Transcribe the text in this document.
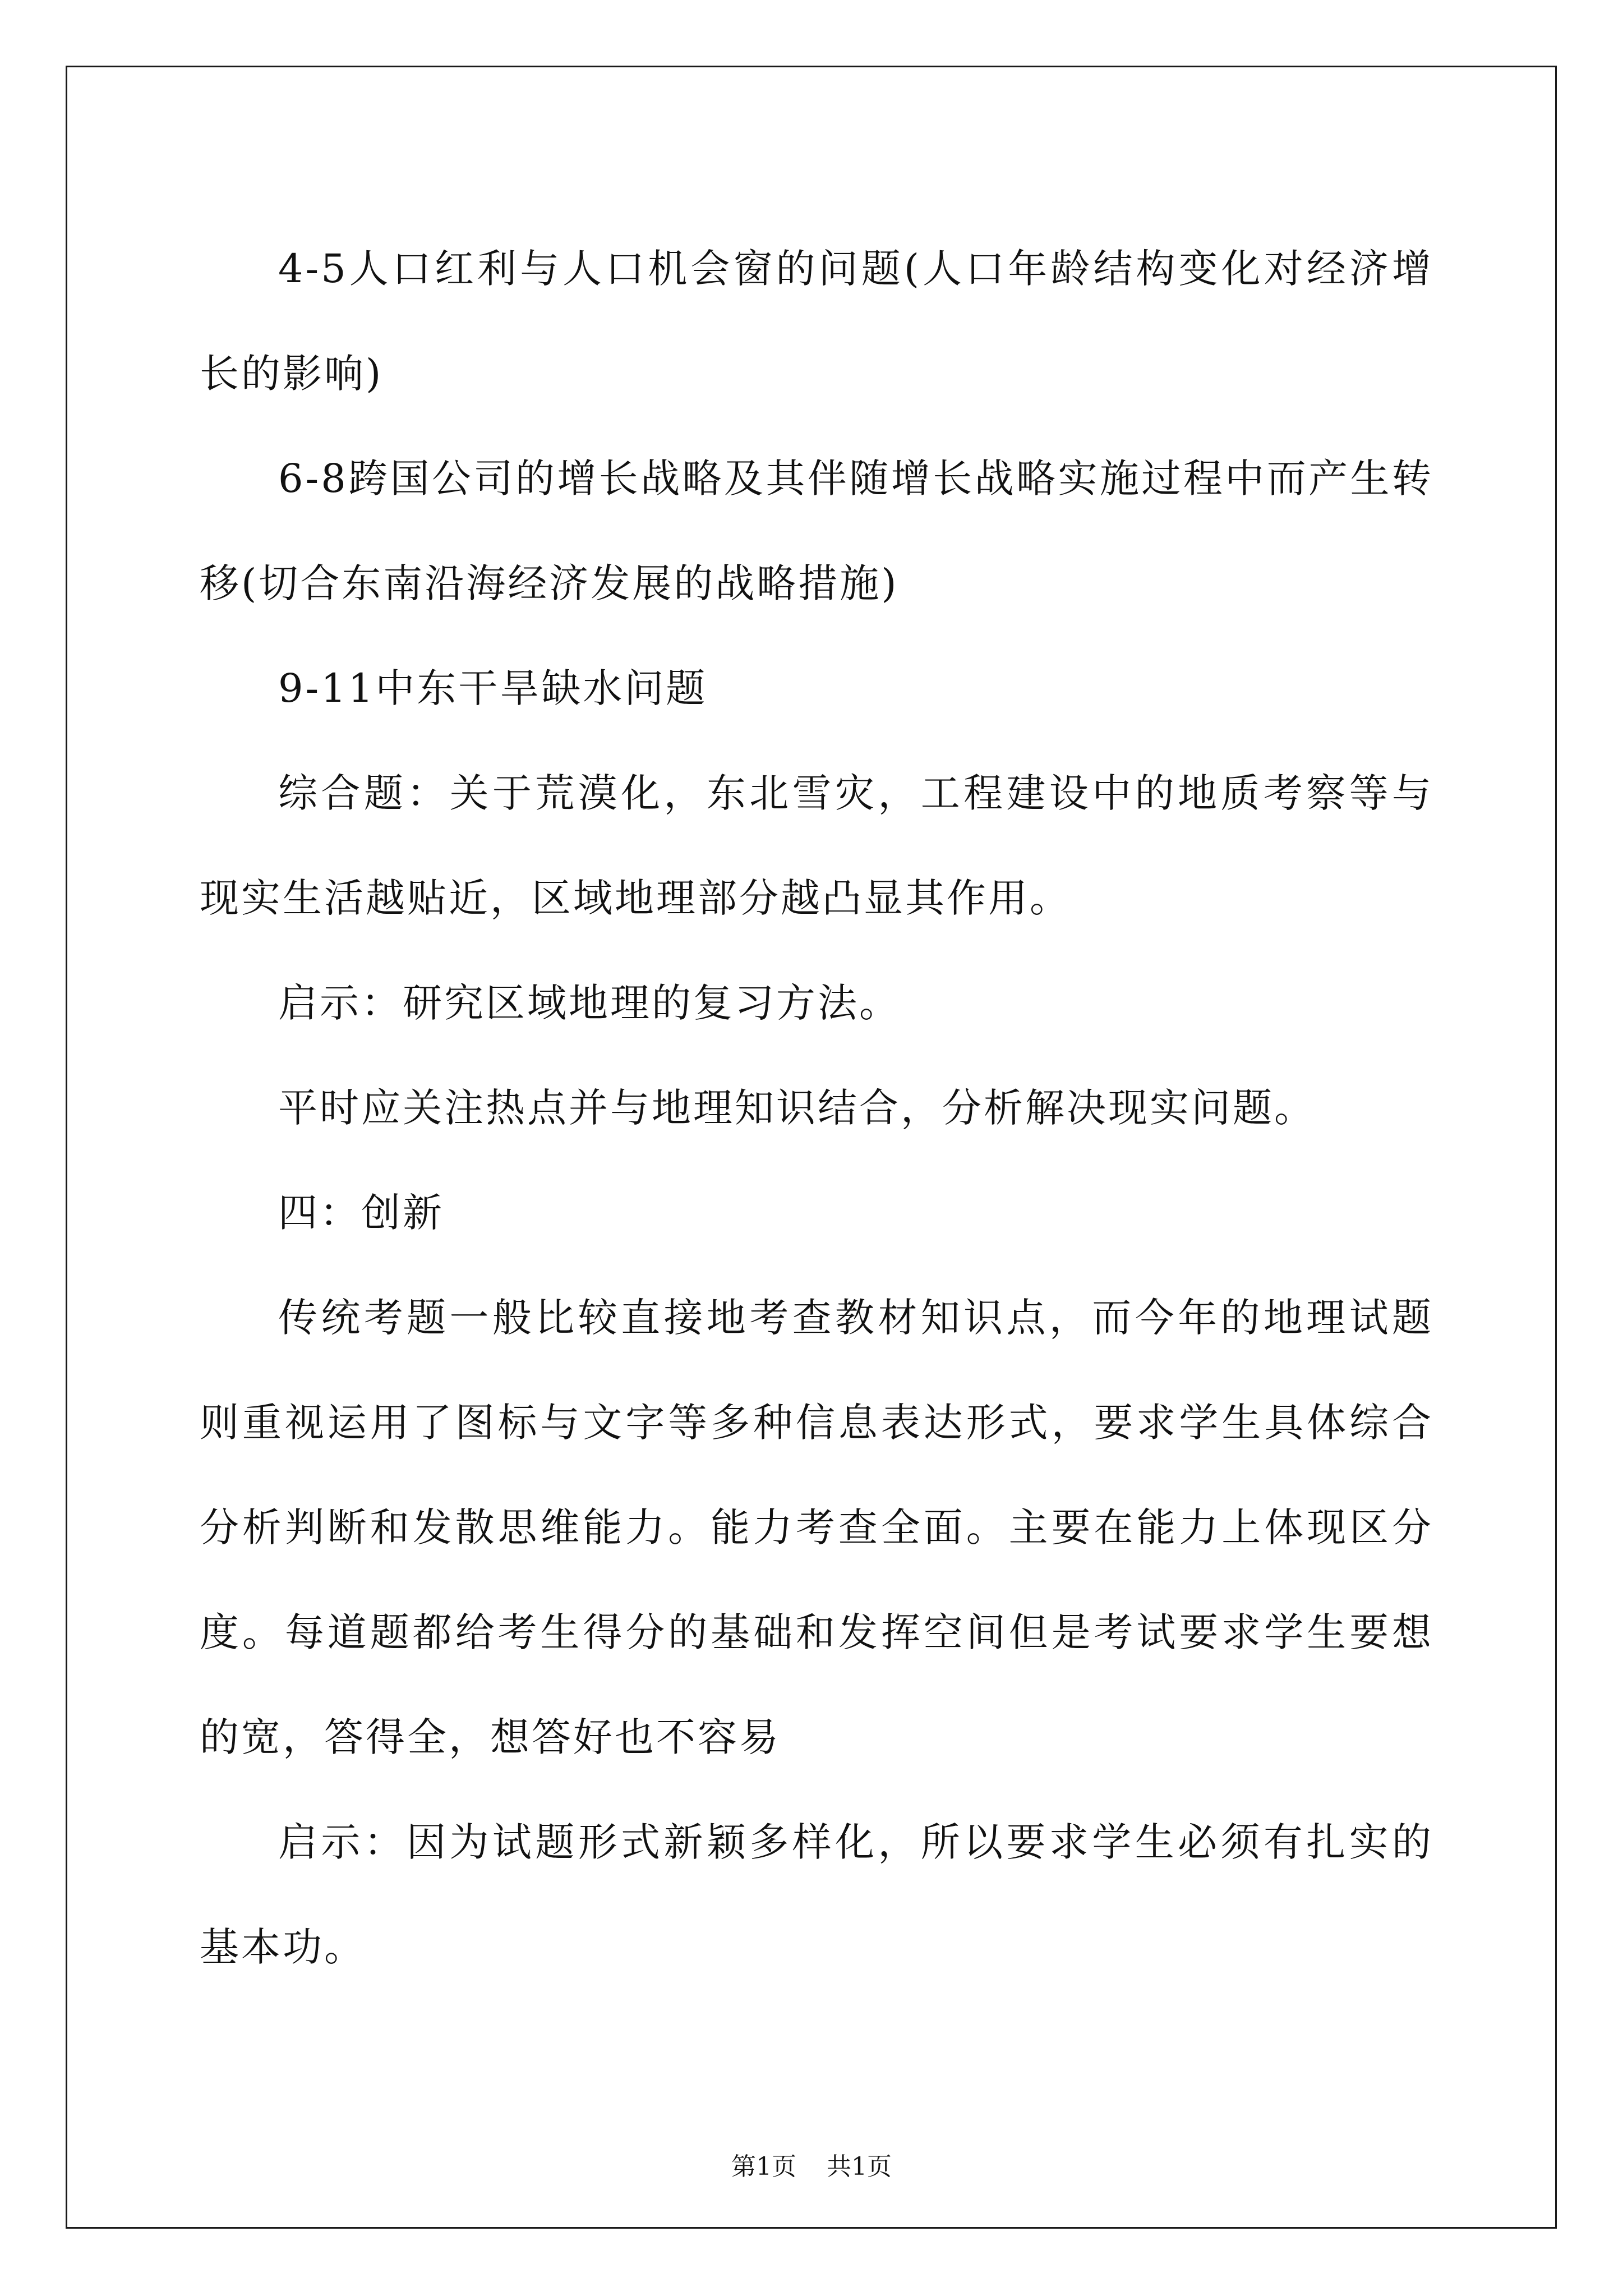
4-5人口红利与人口机会窗的问题(人口年龄结构变化对经济增长的影响)

6-8跨国公司的增长战略及其伴随增长战略实施过程中而产生转移(切合东南沿海经济发展的战略措施)

9-11中东干旱缺水问题

综合题：关于荒漠化，东北雪灾，工程建设中的地质考察等与现实生活越贴近，区域地理部分越凸显其作用。

启示：研究区域地理的复习方法。

平时应关注热点并与地理知识结合，分析解决现实问题。

四：创新

传统考题一般比较直接地考查教材知识点，而今年的地理试题则重视运用了图标与文字等多种信息表达形式，要求学生具体综合分析判断和发散思维能力。能力考查全面。主要在能力上体现区分度。每道题都给考生得分的基础和发挥空间但是考试要求学生要想的宽，答得全，想答好也不容易

启示：因为试题形式新颖多样化，所以要求学生必须有扎实的基本功。

第1页 共1页
